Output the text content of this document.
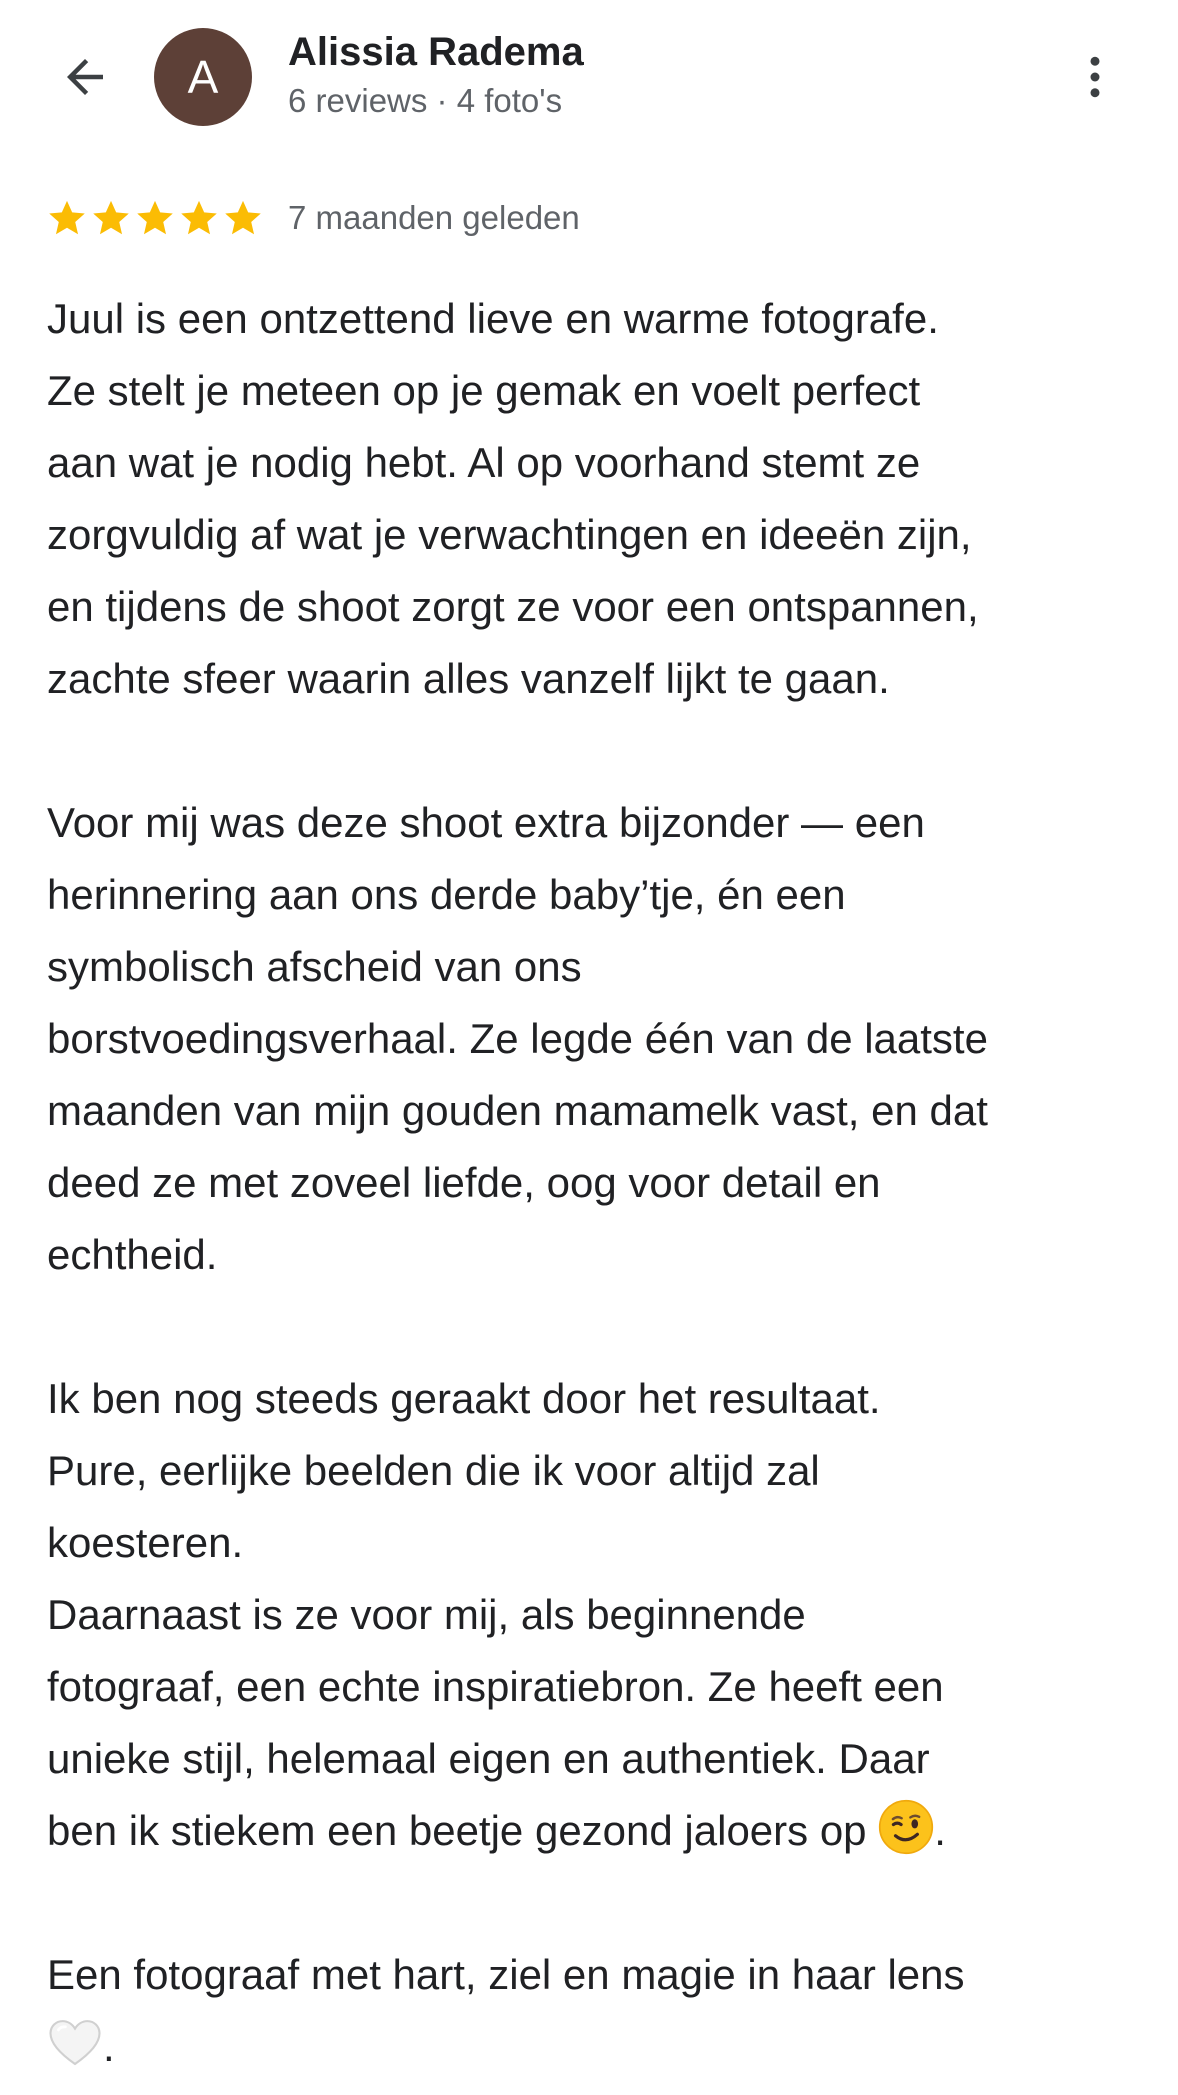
A Alissia Radema
6 reviews · 4 foto's
7 maanden geleden

Juul is een ontzettend lieve en warme fotografe.
Ze stelt je meteen op je gemak en voelt perfect
aan wat je nodig hebt. Al op voorhand stemt ze
zorgvuldig af wat je verwachtingen en ideeën zijn,
en tijdens de shoot zorgt ze voor een ontspannen,
zachte sfeer waarin alles vanzelf lijkt te gaan.

Voor mij was deze shoot extra bijzonder — een
herinnering aan ons derde baby’tje, én een
symbolisch afscheid van ons
borstvoedingsverhaal. Ze legde één van de laatste
maanden van mijn gouden mamamelk vast, en dat
deed ze met zoveel liefde, oog voor detail en
echtheid.

Ik ben nog steeds geraakt door het resultaat.
Pure, eerlijke beelden die ik voor altijd zal
koesteren.

Daarnaast is ze voor mij, als beginnende
fotograaf, een echte inspiratiebron. Ze heeft een
unieke stijl, helemaal eigen en authentiek. Daar
ben ik stiekem een beetje gezond jaloers op .

Een fotograaf met hart, ziel en magie in haar lens
.
